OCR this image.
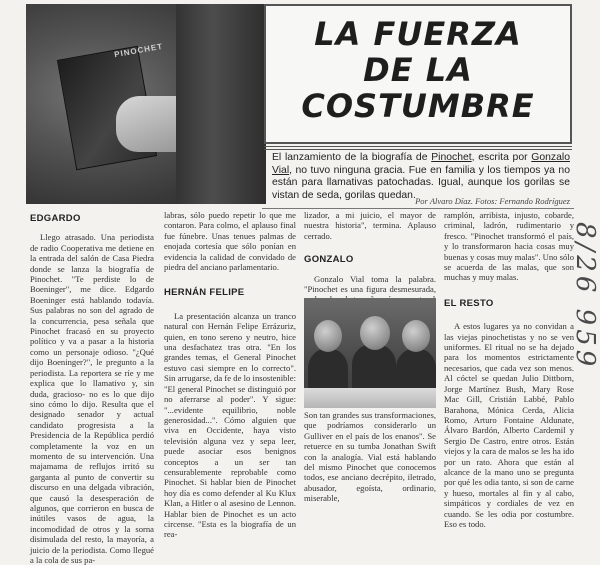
PINOCHET	LA FUERZA
DE LA
COSTUMBRE
El lanzamiento de la biografía de Pinochet, escrita por Gonzalo Vial, no tuvo ninguna gracia. Fue en familia y los tiempos ya no están para llamativas patochadas. Igual, aunque los gorilas se vistan de seda, gorilas quedan.
Por Alvaro Díaz. Fotos: Fernando Rodríguez
EDGARDO

Llego atrasado. Una periodista de radio Cooperativa me detiene en la entrada del salón de Casa Piedra donde se lanza la biografía de Pinochet. "Te perdiste lo de Boeninger", me dice. Edgardo Boeninger está hablando todavía. Sus palabras no son del agrado de la concurrencia, pesa señala que Pinochet fracasó en su proyecto político y va a pasar a la historia como un personaje odioso. "¿Qué dijo Boeninger?", le pregunto a la periodista. La reportera se ríe y me explica que lo llamativo y, sin duda, gracioso- no es lo que dijo sino cómo lo dijo. Resulta que el designado senador y actual candidato progresista a la Presidencia de la República perdió completamente la voz en un momento de su intervención. Una majamama de reflujos irritó su garganta al punto de convertir su discurso en una delgada vibración, que causó la desesperación de algunos, que corrieron en busca de inútiles vasos de agua, la incomodidad de otros y la sorna disimulada del resto, la mayoría, a juicio de la periodista. Como llegué a la cola de sus pa-

labras, sólo puedo repetir lo que me contaron. Para colmo, el aplauso final fue fúnebre. Unas tenues palmas de enojada cortesía que sólo ponían en evidencia la calidad de convidado de piedra del anciano parlamentario.

HERNÁN FELIPE

La presentación alcanza un tranco natural con Hernán Felipe Errázuriz, quien, en tono sereno y neutro, hice una desfachatez tras otra. "En los grandes temas, el General Pinochet estuvo casi siempre en lo correcto". Sin arrugarse, da fe de lo insostenible: "El general Pinochet se distinguió por no aferrarse al poder". Y sigue: "...evidente equilibrio, noble generosidad...". Cómo alguien que viva en Occidente, haya visto televisión alguna vez y sepa leer, puede asociar esos benignos conceptos a un ser tan censurablemente reprobable como Pinochet. Si hablar bien de Pinochet hoy día es como defender al Ku Klux Klan, a Hitler o al asesino de Lennon. Hablar bien de Pinochet es un acto circense. "Esta es la biografía de un rea-

lizador, a mi juicio, el mayor de nuestra historia", termina. Aplauso cerrado.

GONZALO

Gonzalo Vial toma la palabra. "Pinochet es una figura desmesurada,

Son tan grandes sus transformaciones, que podríamos considerarlo un Gulliver en el país de los enanos". Se retuerce en su tumba Jonathan Swift con la analogía. Vial está hablando del mismo Pinochet que conocemos todos, ese anciano decrépito, iletrado, abusador, egoísta, ordinario, miserable,

ramplón, arribista, injusto, cobarde, criminal, ladrón, rudimentario y fresco. "Pinochet transformó el país, y lo transformaron hacia cosas muy buenas y cosas muy malas". Uno sólo se acuerda de las malas, que son muchas y muy malas.

EL RESTO

A estos lugares ya no convidan a las viejas pinochetistas y no se ven uniformes. El ritual no se ha dejado para los momentos estrictamente necesarios, que cada vez son menos. Al cóctel se quedan Julio Dittborn, Jorge Martínez Bush, Mary Rose Mac Gill, Cristián Labbé, Pablo Barahona, Mónica Cerda, Alicia Romo, Arturo Fontaine Aldunate, Álvaro Bardón, Alberto Cardemil y Sergio De Castro, entre otros. Están viejos y la cara de malos se les ha ido por un rato. Ahora que están al alcance de la mano uno se pregunta por qué les odia tanto, si son de carne y hueso, mortales al fin y al cabo, simpáticos y cordiales de vez en cuando. Se les odia por costumbre. Eso es todo.

8/26 959
